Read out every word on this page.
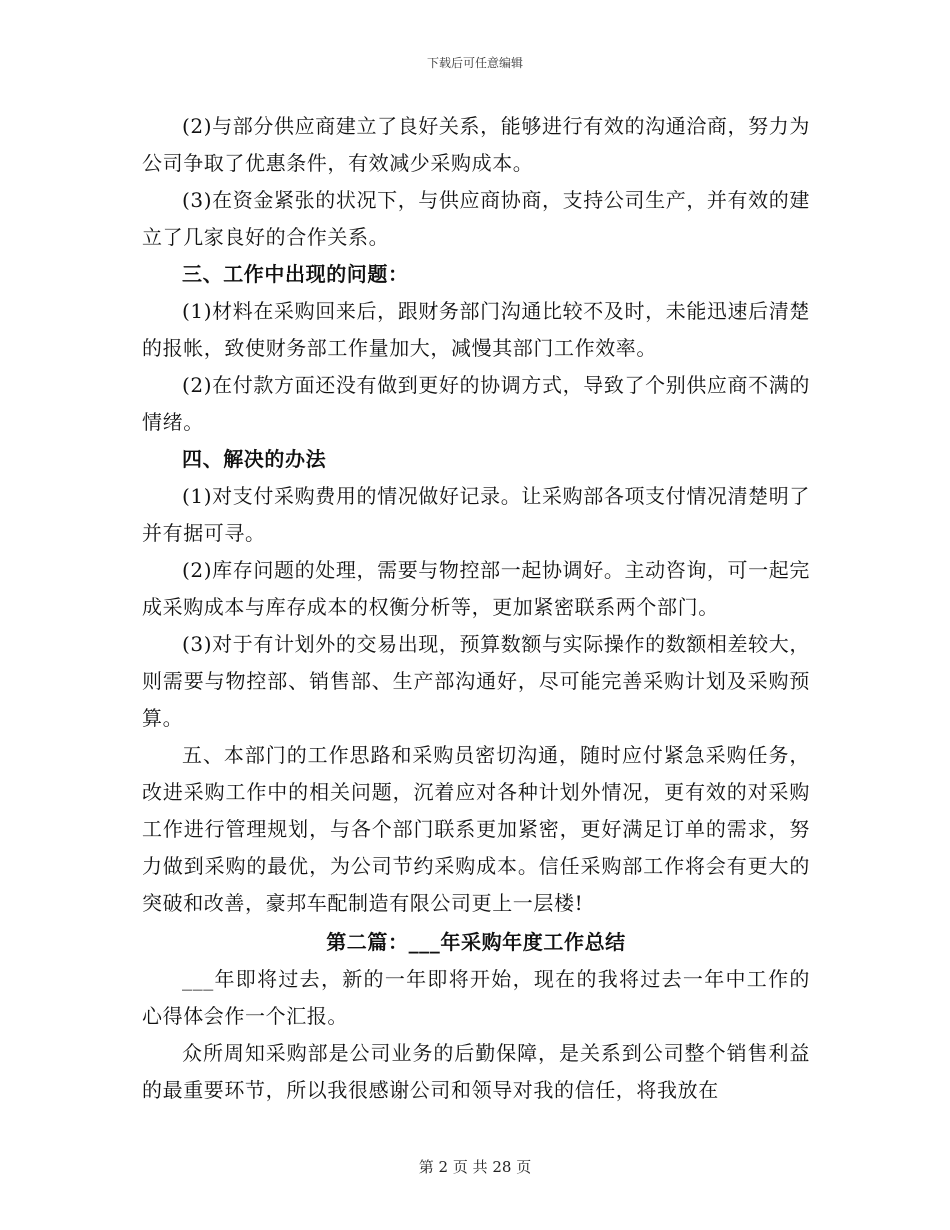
下载后可任意编辑

(2)与部分供应商建立了良好关系，能够进行有效的沟通洽商，努力为公司争取了优惠条件，有效减少采购成本。

(3)在资金紧张的状况下，与供应商协商，支持公司生产，并有效的建立了几家良好的合作关系。

三、工作中出现的问题：

(1)材料在采购回来后，跟财务部门沟通比较不及时，未能迅速后清楚的报帐，致使财务部工作量加大，减慢其部门工作效率。

(2)在付款方面还没有做到更好的协调方式，导致了个别供应商不满的情绪。

四、解决的办法

(1)对支付采购费用的情况做好记录。让采购部各项支付情况清楚明了并有据可寻。

(2)库存问题的处理，需要与物控部一起协调好。主动咨询，可一起完成采购成本与库存成本的权衡分析等，更加紧密联系两个部门。

(3)对于有计划外的交易出现，预算数额与实际操作的数额相差较大，则需要与物控部、销售部、生产部沟通好，尽可能完善采购计划及采购预算。

五、本部门的工作思路和采购员密切沟通，随时应付紧急采购任务，改进采购工作中的相关问题，沉着应对各种计划外情况，更有效的对采购工作进行管理规划，与各个部门联系更加紧密，更好满足订单的需求，努力做到采购的最优，为公司节约采购成本。信任采购部工作将会有更大的突破和改善，豪邦车配制造有限公司更上一层楼!

第二篇：___年采购年度工作总结

___年即将过去，新的一年即将开始，现在的我将过去一年中工作的心得体会作一个汇报。

众所周知采购部是公司业务的后勤保障，是关系到公司整个销售利益的最重要环节，所以我很感谢公司和领导对我的信任，将我放在

第 2 页 共 28 页
